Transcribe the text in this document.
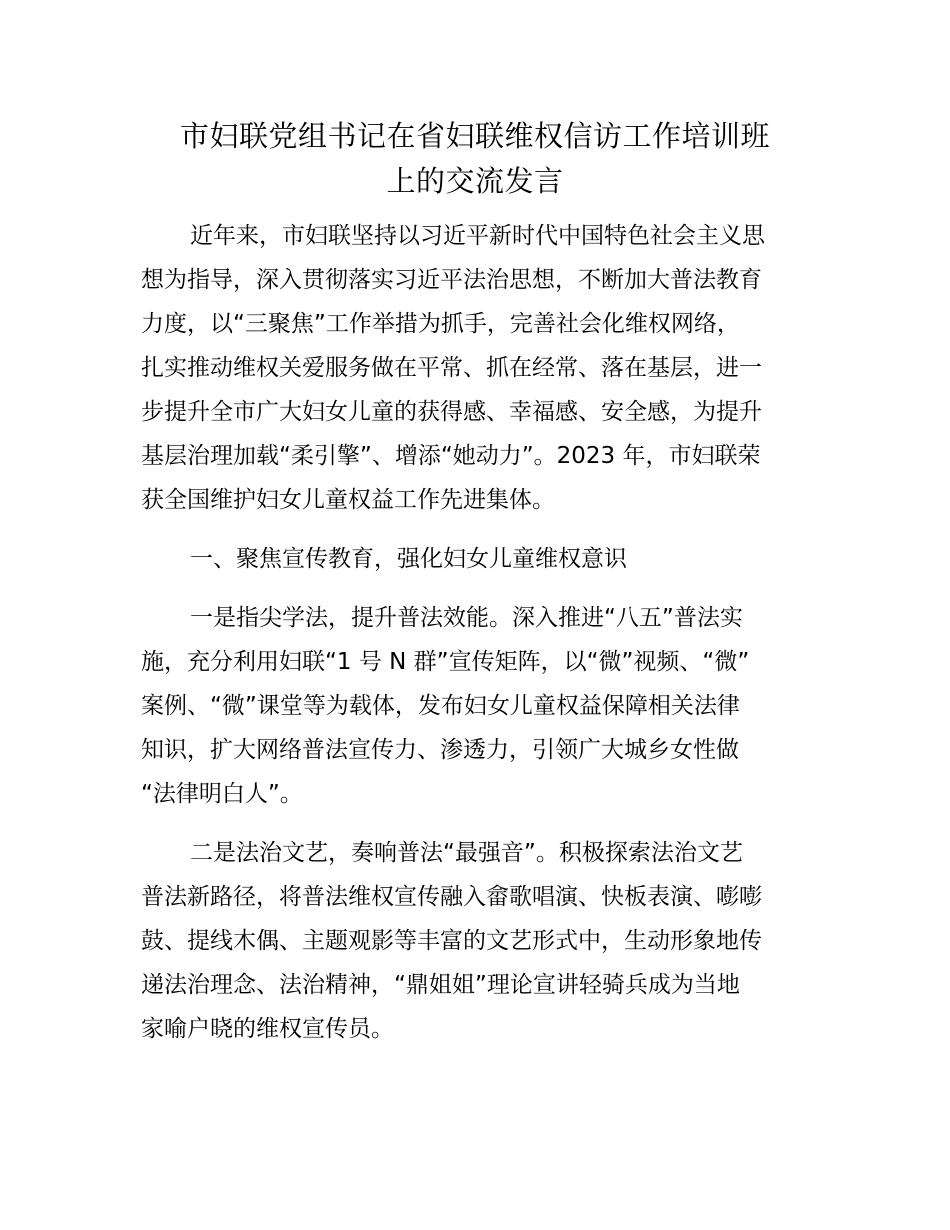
市妇联党组书记在省妇联维权信访工作培训班
上的交流发言

近年来，市妇联坚持以习近平新时代中国特色社会主义思
想为指导，深入贯彻落实习近平法治思想，不断加大普法教育
力度，以“三聚焦”工作举措为抓手，完善社会化维权网络，
扎实推动维权关爱服务做在平常、抓在经常、落在基层，进一
步提升全市广大妇女儿童的获得感、幸福感、安全感，为提升
基层治理加载“柔引擎”、增添“她动力”。2023 年，市妇联荣
获全国维护妇女儿童权益工作先进集体。

一、聚焦宣传教育，强化妇女儿童维权意识

一是指尖学法，提升普法效能。深入推进“八五”普法实
施，充分利用妇联“1 号 N 群”宣传矩阵，以“微”视频、“微”
案例、“微”课堂等为载体，发布妇女儿童权益保障相关法律
知识，扩大网络普法宣传力、渗透力，引领广大城乡女性做
“法律明白人”。

二是法治文艺，奏响普法“最强音”。积极探索法治文艺
普法新路径，将普法维权宣传融入畲歌唱演、快板表演、嘭嘭
鼓、提线木偶、主题观影等丰富的文艺形式中，生动形象地传
递法治理念、法治精神，“鼎姐姐”理论宣讲轻骑兵成为当地
家喻户晓的维权宣传员。
